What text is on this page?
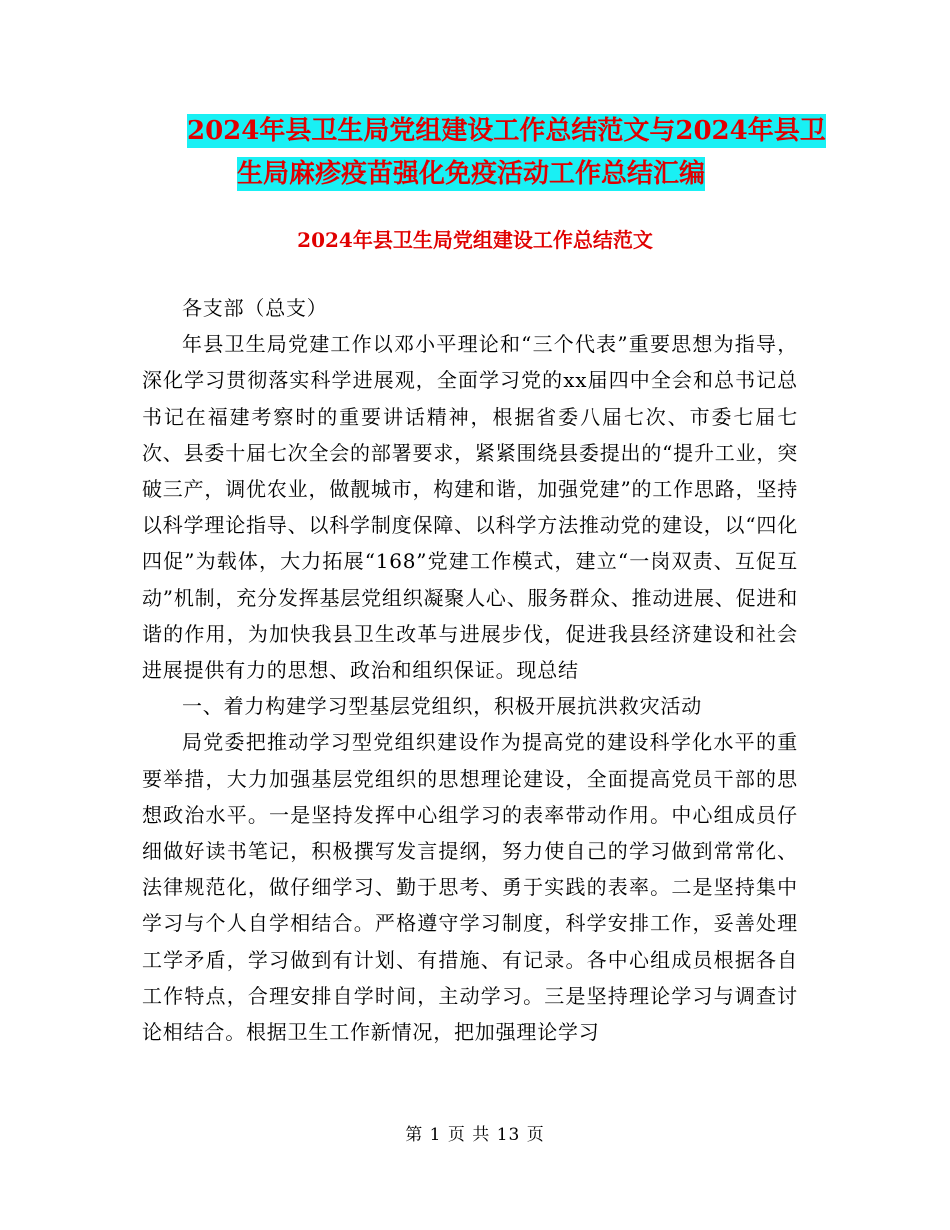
2024年县卫生局党组建设工作总结范文与2024年县卫
生局麻疹疫苗强化免疫活动工作总结汇编
2024年县卫生局党组建设工作总结范文

各支部（总支）

年县卫生局党建工作以邓小平理论和“三个代表”重要思想为指导，深化学习贯彻落实科学进展观，全面学习党的xx届四中全会和总书记总书记在福建考察时的重要讲话精神，根据省委八届七次、市委七届七次、县委十届七次全会的部署要求，紧紧围绕县委提出的“提升工业，突破三产，调优农业，做靓城市，构建和谐，加强党建”的工作思路，坚持以科学理论指导、以科学制度保障、以科学方法推动党的建设，以“四化四促”为载体，大力拓展“168”党建工作模式，建立“一岗双责、互促互动”机制，充分发挥基层党组织凝聚人心、服务群众、推动进展、促进和谐的作用，为加快我县卫生改革与进展步伐，促进我县经济建设和社会进展提供有力的思想、政治和组织保证。现总结

一、着力构建学习型基层党组织，积极开展抗洪救灾活动

局党委把推动学习型党组织建设作为提高党的建设科学化水平的重要举措，大力加强基层党组织的思想理论建设，全面提高党员干部的思想政治水平。一是坚持发挥中心组学习的表率带动作用。中心组成员仔细做好读书笔记，积极撰写发言提纲，努力使自己的学习做到常常化、法律规范化，做仔细学习、勤于思考、勇于实践的表率。二是坚持集中学习与个人自学相结合。严格遵守学习制度，科学安排工作，妥善处理工学矛盾，学习做到有计划、有措施、有记录。各中心组成员根据各自工作特点，合理安排自学时间，主动学习。三是坚持理论学习与调查讨论相结合。根据卫生工作新情况，把加强理论学习

第 1 页 共 13 页
